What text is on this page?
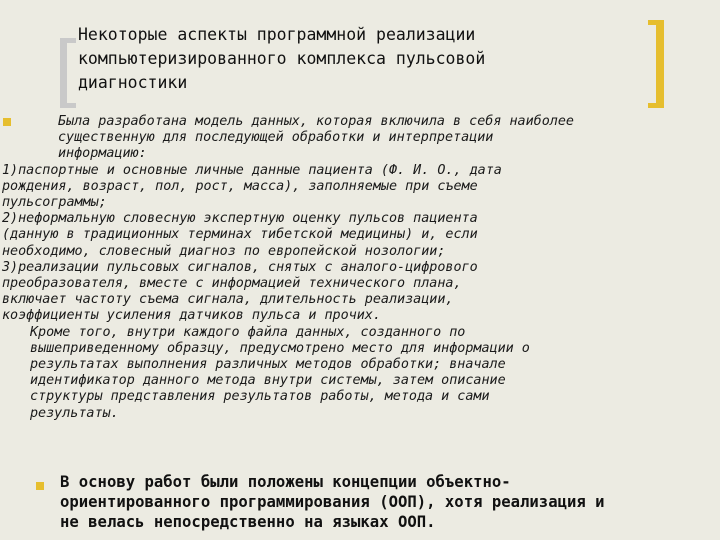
Некоторые аспекты программной реализации
компьютеризированного комплекса пульсовой
диагностики
Была разработана модель данных, которая включила в себя наиболее
существенную для последующей обработки и интерпретации
информацию:
1)паспортные и основные личные данные пациента (Ф. И. О., дата
рождения, возраст, пол, рост, масса), заполняемые при съеме
пульсограммы;
2)неформальную словесную экспертную оценку пульсов пациента
(данную в традиционных терминах тибетской медицины) и, если
необходимо, словесный диагноз по европейской нозологии;
3)реализации пульсовых сигналов, снятых с аналого-цифрового
преобразователя, вместе с информацией технического плана,
включает частоту съема сигнала, длительность реализации,
коэффициенты усиления датчиков пульса и прочих.
Кроме того, внутри каждого файла данных, созданного по
вышеприведенному образцу, предусмотрено место для информации о
результатах выполнения различных методов обработки; вначале
идентификатор данного метода внутри системы, затем описание
структуры представления результатов работы, метода и сами
результаты.
В основу работ были положены концепции объектно-
ориентированного программирования (ООП), хотя реализация и
не велась непосредственно на языках ООП.
